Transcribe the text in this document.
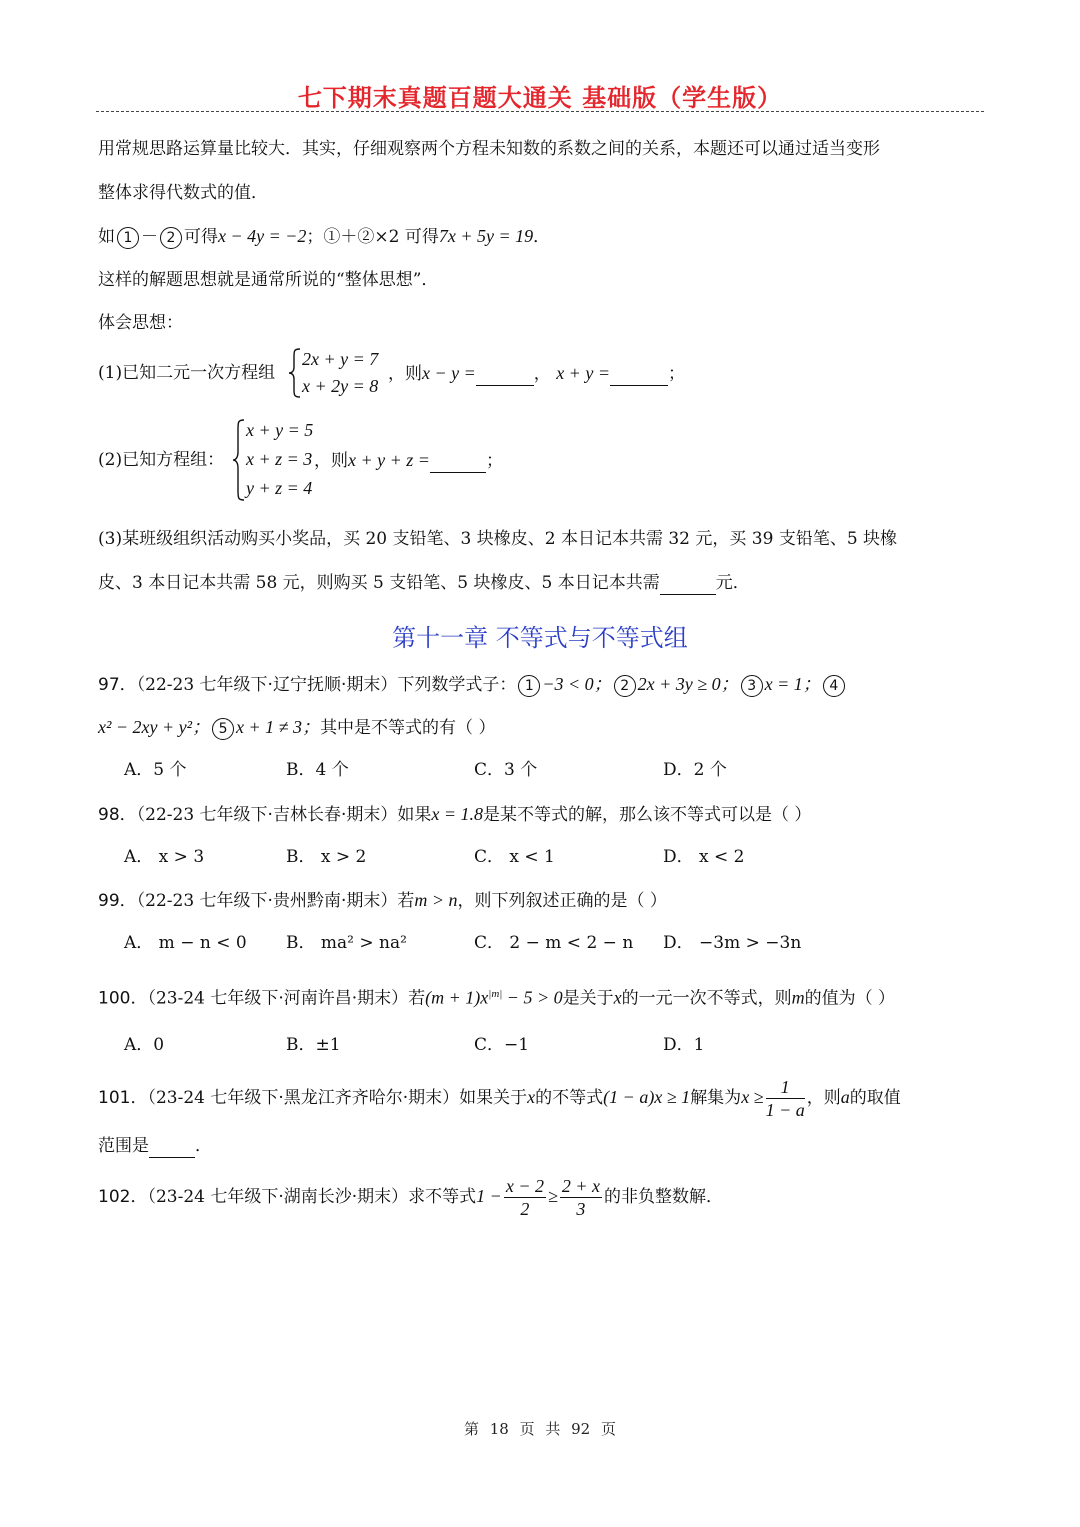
七下期末真题百题大通关 基础版（学生版）
用常规思路运算量比较大．其实，仔细观察两个方程未知数的系数之间的关系，本题还可以通过适当变形
整体求得代数式的值．
如 1 － 2 可得x − 4y = −2；①＋②×2 可得7x + 5y = 19．
这样的解题思想就是通常所说的“整体思想”．
体会思想：
(1)已知二元一次方程组
2x + y = 7
x + 2y = 8
，则x − y =	， x + y =	；
(2)已知方程组：
x + y = 5
x + z = 3
y + z = 4
，则x + y + z =	；
(3)某班级组织活动购买小奖品，买 20 支铅笔、3 块橡皮、2 本日记本共需 32 元，买 39 支铅笔、5 块橡
皮、3 本日记本共需 58 元，则购买 5 支铅笔、5 块橡皮、5 本日记本共需	元．
第十一章 不等式与不等式组
97．（22-23 七年级下·辽宁抚顺·期末）下列数学式子： 1 −3 < 0； 2 2x + 3y ≥ 0； 3 x = 1； 4
x² − 2xy + y²； 5 x + 1 ≠ 3；其中是不等式的有（ ）
A．5 个	B．4 个	C．3 个	D．2 个
98．（22-23 七年级下·吉林长春·期末）如果x = 1.8是某不等式的解，那么该不等式可以是（ ）
A． x > 3	B． x > 2	C． x < 1	D． x < 2
99．（22-23 七年级下·贵州黔南·期末）若m > n，则下列叙述正确的是（ ）
A． m − n < 0 B． ma² > na²	C． 2 − m < 2 − n D． −3m > −3n
100．（23-24 七年级下·河南许昌·期末）若$(m + 1)x^{|m|} - 5 > 0$是关于x的一元一次不等式，则m的值为（ ）
A．0	B．±1	C．−1	D．1
101．（23-24 七年级下·黑龙江齐齐哈尔·期末）如果关于x的不等式(1 − a)x ≥ 1解集为$x \ge \frac{1}{1 - a}$ ，则a的取值
范围是	．
102．（23-24 七年级下·湖南长沙·期末）求不等式$1 - \frac{x - 2}{2} \ge \frac{2 + x}{3}$ 的非负整数解．
第 18 页 共 92 页
